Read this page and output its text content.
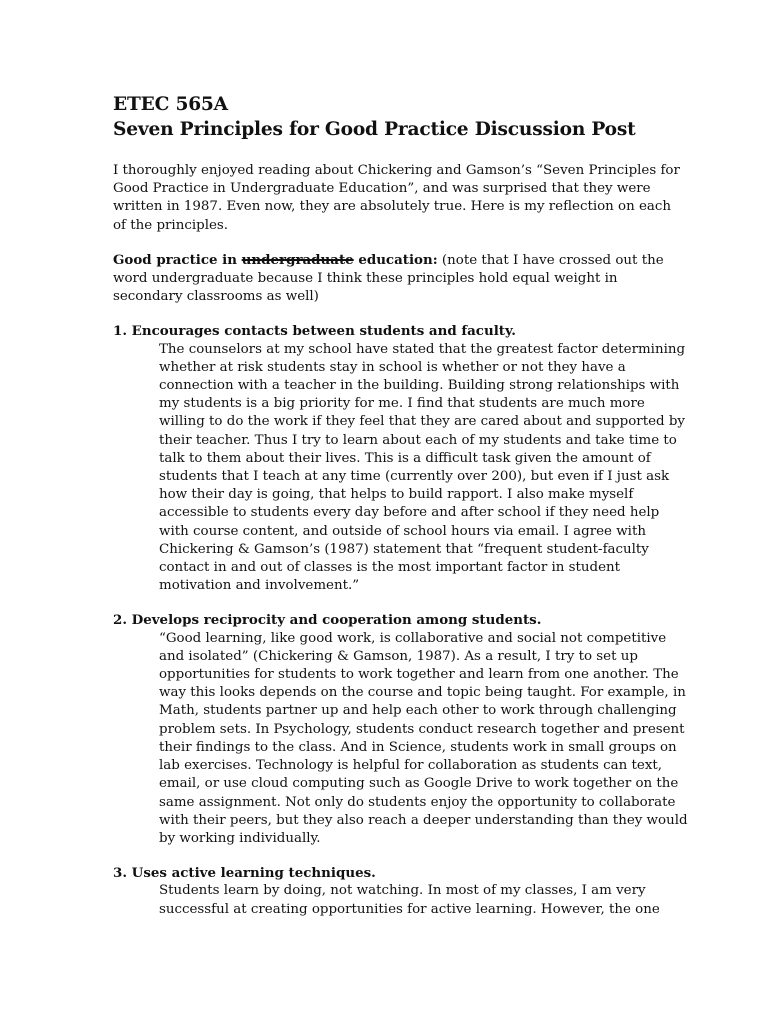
ETEC 565A
Seven Principles for Good Practice Discussion Post

I thoroughly enjoyed reading about Chickering and Gamson’s “Seven Principles for Good Practice in Undergraduate Education”, and was surprised that they were written in 1987. Even now, they are absolutely true. Here is my reflection on each of the principles.

Good practice in undergraduate education: (note that I have crossed out the word undergraduate because I think these principles hold equal weight in secondary classrooms as well)

1. Encourages contacts between students and faculty.

The counselors at my school have stated that the greatest factor determining whether at risk students stay in school is whether or not they have a connection with a teacher in the building. Building strong relationships with my students is a big priority for me. I find that students are much more willing to do the work if they feel that they are cared about and supported by their teacher. Thus I try to learn about each of my students and take time to talk to them about their lives. This is a difficult task given the amount of students that I teach at any time (currently over 200), but even if I just ask how their day is going, that helps to build rapport. I also make myself accessible to students every day before and after school if they need help with course content, and outside of school hours via email. I agree with Chickering & Gamson’s (1987) statement that “frequent student-faculty contact in and out of classes is the most important factor in student motivation and involvement.”

2. Develops reciprocity and cooperation among students.

“Good learning, like good work, is collaborative and social not competitive and isolated” (Chickering & Gamson, 1987). As a result, I try to set up opportunities for students to work together and learn from one another. The way this looks depends on the course and topic being taught. For example, in Math, students partner up and help each other to work through challenging problem sets. In Psychology, students conduct research together and present their findings to the class. And in Science, students work in small groups on lab exercises. Technology is helpful for collaboration as students can text, email, or use cloud computing such as Google Drive to work together on the same assignment. Not only do students enjoy the opportunity to collaborate with their peers, but they also reach a deeper understanding than they would by working individually.

3. Uses active learning techniques.

Students learn by doing, not watching. In most of my classes, I am very successful at creating opportunities for active learning. However, the one
